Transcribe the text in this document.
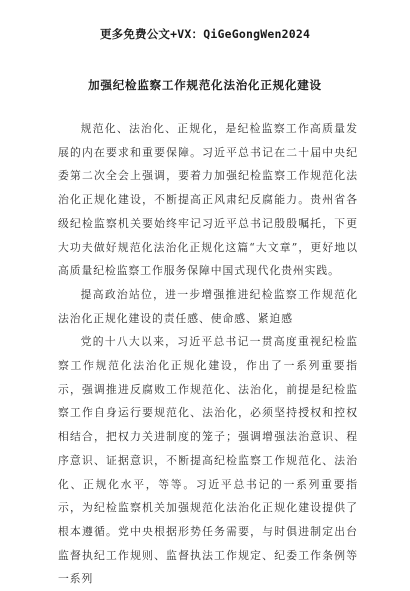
更多免费公文+VX：QiGeGongWen2024
加强纪检监察工作规范化法治化正规化建设

规范化、法治化、正规化，是纪检监察工作高质量发展的内在要求和重要保障。习近平总书记在二十届中央纪委第二次全会上强调，要着力加强纪检监察工作规范化法治化正规化建设，不断提高正风肃纪反腐能力。贵州省各级纪检监察机关要始终牢记习近平总书记殷殷嘱托，下更大功夫做好规范化法治化正规化这篇“大文章”，更好地以高质量纪检监察工作服务保障中国式现代化贵州实践。

提高政治站位，进一步增强推进纪检监察工作规范化法治化正规化建设的责任感、使命感、紧迫感

党的十八大以来，习近平总书记一贯高度重视纪检监察工作规范化法治化正规化建设，作出了一系列重要指示，强调推进反腐败工作规范化、法治化，前提是纪检监察工作自身运行要规范化、法治化，必须坚持授权和控权相结合，把权力关进制度的笼子；强调增强法治意识、程序意识、证据意识，不断提高纪检监察工作规范化、法治化、正规化水平，等等。习近平总书记的一系列重要指示，为纪检监察机关加强规范化法治化正规化建设提供了根本遵循。党中央根据形势任务需要，与时俱进制定出台监督执纪工作规则、监督执法工作规定、纪委工作条例等一系列
